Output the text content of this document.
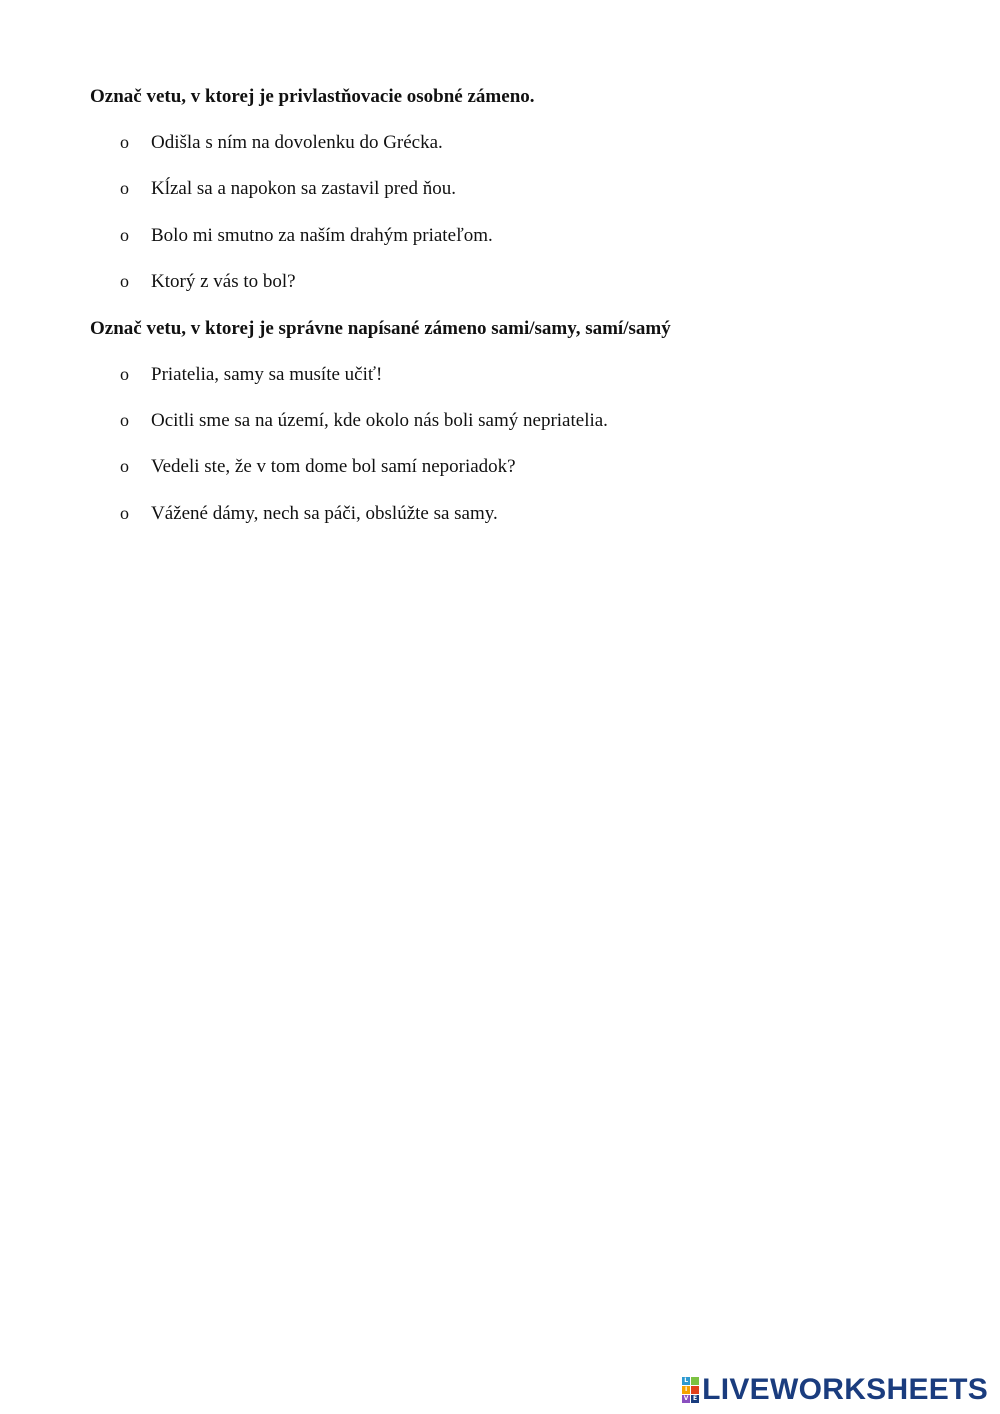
Označ vetu, v ktorej je privlastňovacie osobné zámeno.
o Odišla s ním na dovolenku do Grécka.
o Kĺzal sa a napokon sa zastavil pred ňou.
o Bolo mi smutno za naším drahým priateľom.
o Ktorý z vás to bol?
Označ vetu, v ktorej je správne napísané zámeno sami/samy, samí/samý
o Priatelia, samy sa musíte učiť!
o Ocitli sme sa na území, kde okolo nás boli samý nepriatelia.
o Vedeli ste, že v tom dome bol samí neporiadok?
o Vážené dámy, nech sa páči, obslúžte sa samy.
L
I
V E LIVEWORKSHEETS
